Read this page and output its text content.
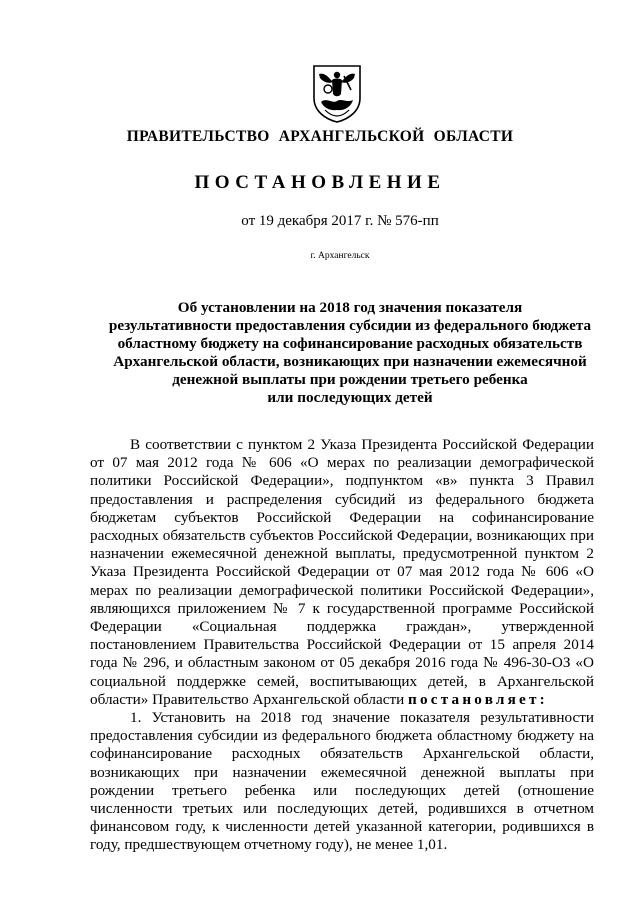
ПРАВИТЕЛЬСТВО АРХАНГЕЛЬСКОЙ ОБЛАСТИ
ПОСТАНОВЛЕНИЕ
от 19 декабря 2017 г. № 576-пп
г. Архангельск
Об установлении на 2018 год значения показателя
результативности предоставления субсидии из федерального бюджета
областному бюджету на софинансирование расходных обязательств
Архангельской области, возникающих при назначении ежемесячной
денежной выплаты при рождении третьего ребенка
или последующих детей

В соответствии с пунктом 2 Указа Президента Российской Федерации от 07 мая 2012 года № 606 «О мерах по реализации демографической политики Российской Федерации», подпунктом «в» пункта 3 Правил предоставления и распределения субсидий из федерального бюджета бюджетам субъектов Российской Федерации на софинансирование расходных обязательств субъектов Российской Федерации, возникающих при назначении ежемесячной денежной выплаты, предусмотренной пунктом 2 Указа Президента Российской Федерации от 07 мая 2012 года № 606 «О мерах по реализации демографической политики Российской Федерации», являющихся приложением № 7 к государственной программе Российской Федерации «Социальная поддержка граждан», утвержденной постановлением Правительства Российской Федерации от 15 апреля 2014 года № 296, и областным законом от 05 декабря 2016 года № 496-30-ОЗ «О социальной поддержке семей, воспитывающих детей, в Архангельской области» Правительство Архангельской области постановляет:

1. Установить на 2018 год значение показателя результативности предоставления субсидии из федерального бюджета областному бюджету на софинансирование расходных обязательств Архангельской области, возникающих при назначении ежемесячной денежной выплаты при рождении третьего ребенка или последующих детей (отношение численности третьих или последующих детей, родившихся в отчетном финансовом году, к численности детей указанной категории, родившихся в году, предшествующем отчетному году), не менее 1,01.
